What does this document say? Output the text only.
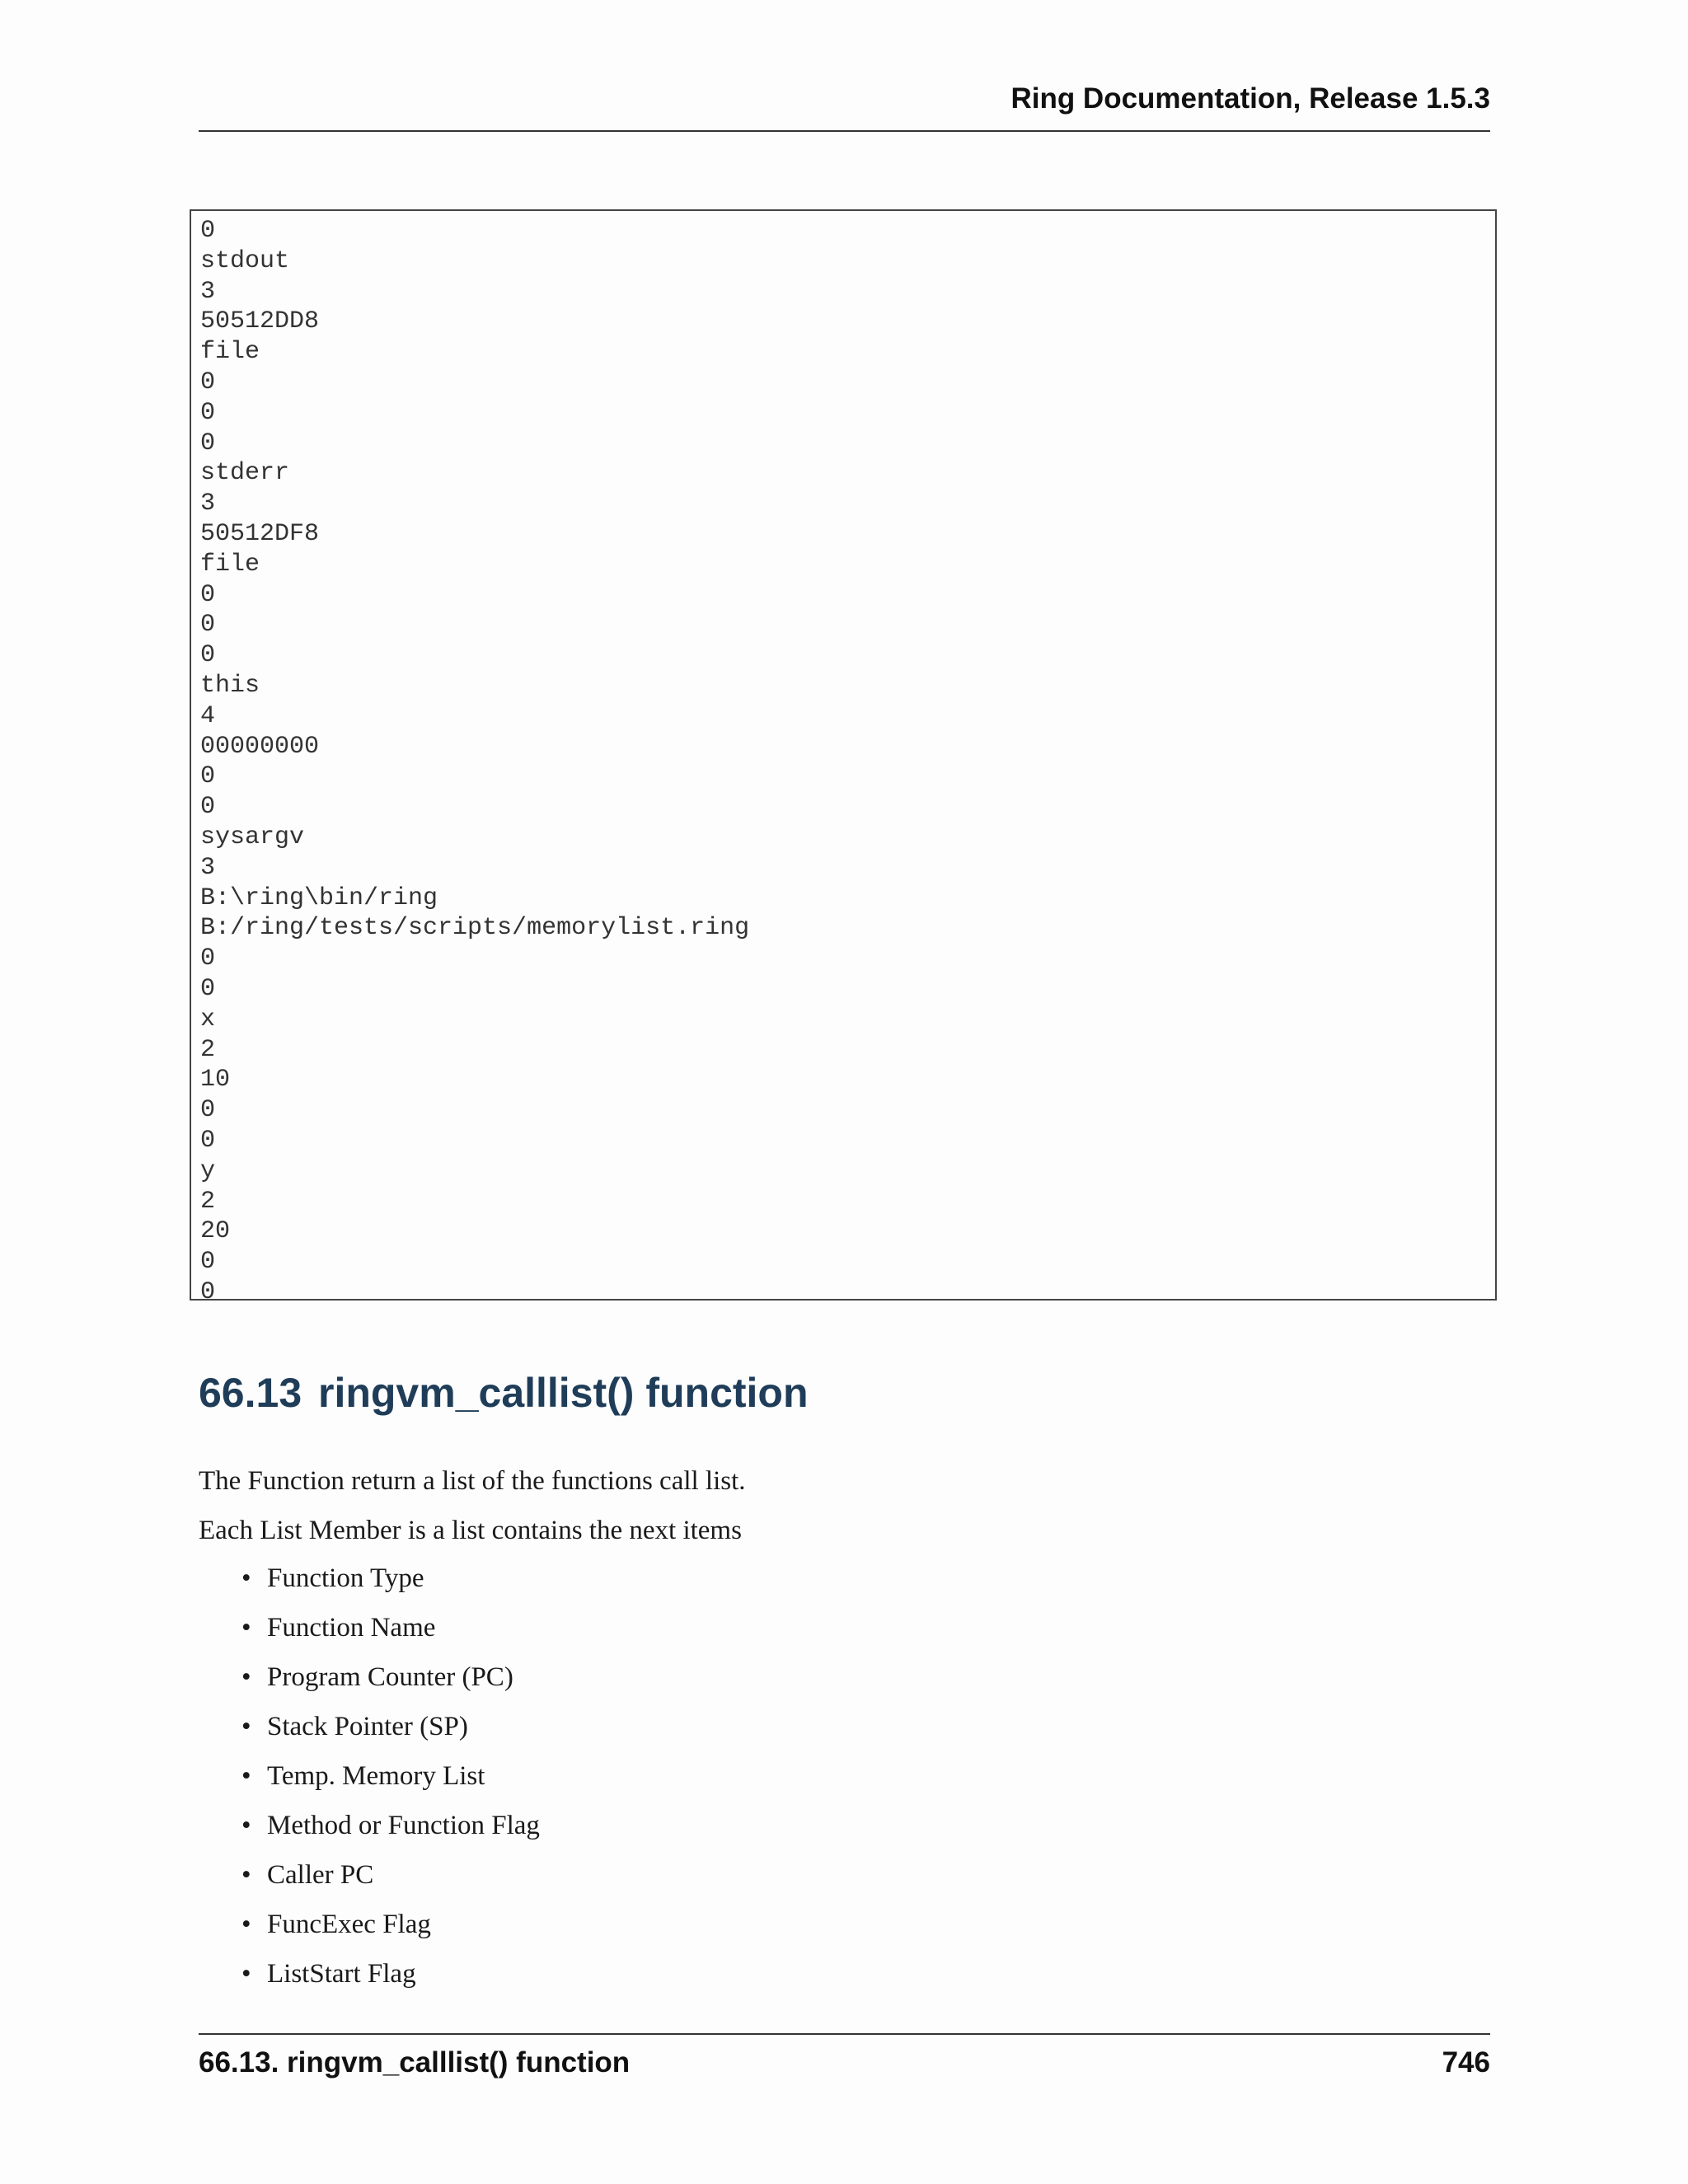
Ring Documentation, Release 1.5.3
0
stdout
3
50512DD8
file
0
0
0
stderr
3
50512DF8
file
0
0
0
this
4
00000000
0
0
sysargv
3
B:\ring\bin/ring
B:/ring/tests/scripts/memorylist.ring
0
0
x
2
10
0
0
y
2
20
0
0
66.13 ringvm_calllist() function

The Function return a list of the functions call list.

Each List Member is a list contains the next items

• Function Type
• Function Name
• Program Counter (PC)
• Stack Pointer (SP)
• Temp. Memory List
• Method or Function Flag
• Caller PC
• FuncExec Flag
• ListStart Flag
66.13. ringvm_calllist() function	746
